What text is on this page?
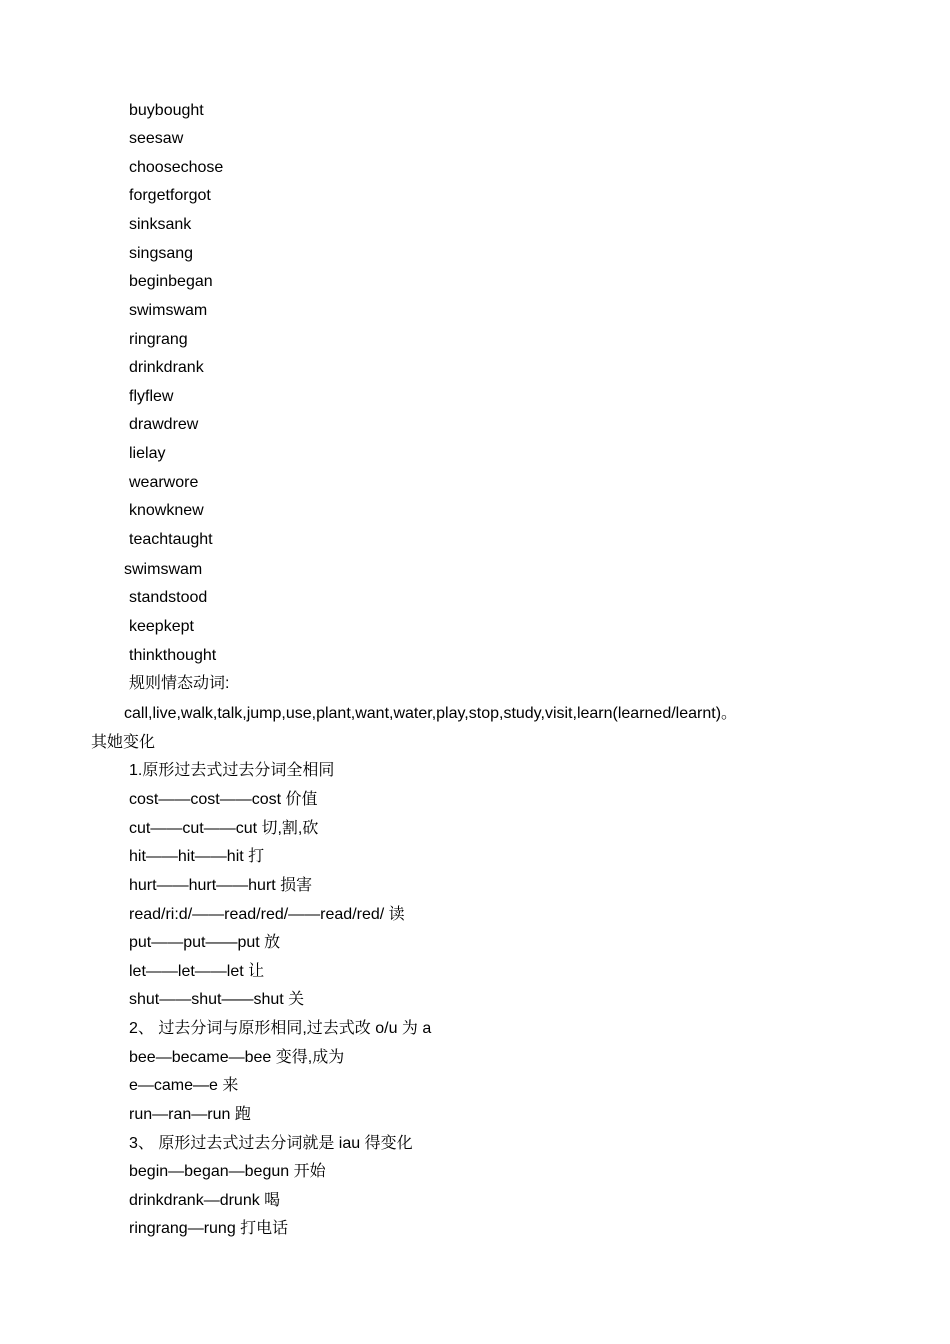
buybought
seesaw
choosechose
forgetforgot
sinksank
singsang
beginbegan
swimswam
ringrang
drinkdrank
flyflew
drawdrew
lielay
wearwore
knowknew
teachtaught
swimswam
standstood
keepkept
thinkthought
规则情态动词:
call,live,walk,talk,jump,use,plant,want,water,play,stop,study,visit,learn(learned/learnt)。
其她变化
1.原形过去式过去分词全相同
cost——cost——cost 价值
cut——cut——cut 切,割,砍
hit——hit——hit 打
hurt——hurt——hurt 损害
read/ri:d/——read/red/——read/red/ 读
put——put——put 放
let——let——let 让
shut——shut——shut 关
2、 过去分词与原形相同,过去式改 o/u 为 a
bee—became—bee 变得,成为
e—came—e 来
run—ran—run 跑
3、 原形过去式过去分词就是 iau 得变化
begin—began—begun 开始
drinkdrank—drunk 喝
ringrang—rung 打电话
